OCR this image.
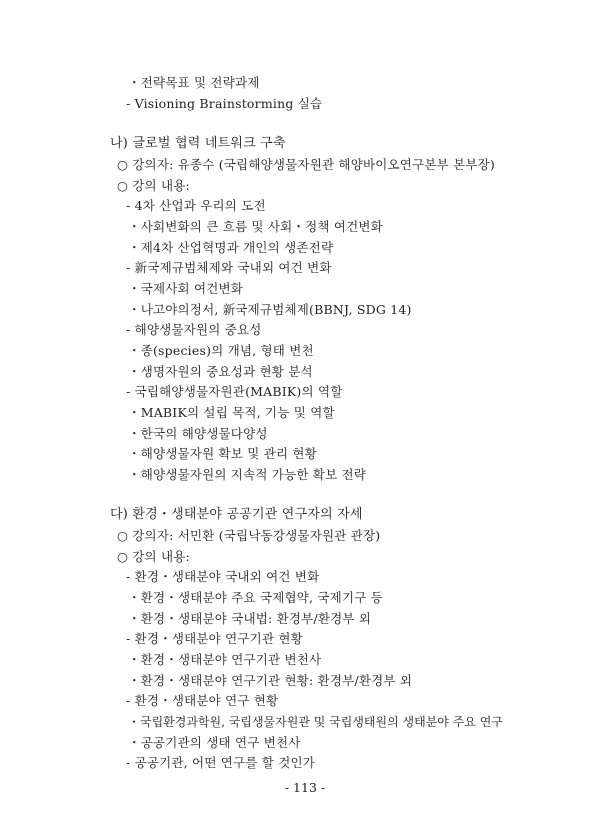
・전략목표 및 전략과제
- Visioning Brainstorming 실습
나) 글로벌 협력 네트워크 구축
○ 강의자: 유종수 (국립해양생물자원관 해양바이오연구본부 본부장)
○ 강의 내용:
- 4차 산업과 우리의 도전
・사회변화의 큰 흐름 및 사회・정책 여건변화
・제4차 산업혁명과 개인의 생존전략
- 新국제규범체제와 국내외 여건 변화
・국제사회 여건변화
・나고야의정서, 新국제규범체제(BBNJ, SDG 14)
- 해양생물자원의 중요성
・종(species)의 개념, 형태 변천
・생명자원의 중요성과 현황 분석
- 국립해양생물자원관(MABIK)의 역할
・MABIK의 설립 목적, 기능 및 역할
・한국의 해양생물다양성
・해양생물자원 확보 및 관리 현황
・해양생물자원의 지속적 가능한 확보 전략
다) 환경・생태분야 공공기관 연구자의 자세
○ 강의자: 서민환 (국립낙동강생물자원관 관장)
○ 강의 내용:
- 환경・생태분야 국내외 여건 변화
・환경・생태분야 주요 국제협약, 국제기구 등
・환경・생태분야 국내법: 환경부/환경부 외
- 환경・생태분야 연구기관 현황
・환경・생태분야 연구기관 변천사
・환경・생태분야 연구기관 현황: 환경부/환경부 외
- 환경・생태분야 연구 현황
・국립환경과학원, 국립생물자원관 및 국립생태원의 생태분야 주요 연구
・공공기관의 생태 연구 변천사
- 공공기관, 어떤 연구를 할 것인가
- 113 -
